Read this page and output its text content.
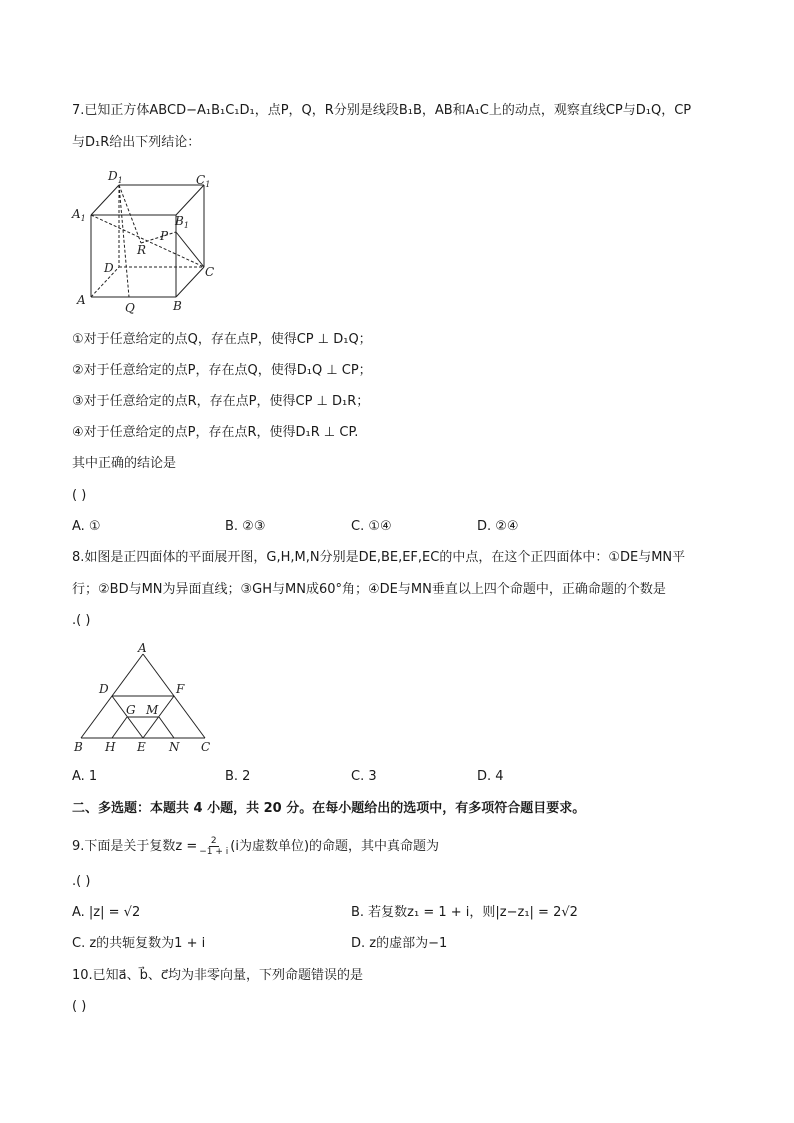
7.已知正方体ABCD−A₁B₁C₁D₁，点P，Q，R分别是线段B₁B，AB和A₁C上的动点，观察直线CP与D₁Q，CP
与D₁R给出下列结论：
$D_1$	$C_1$
$A_1$	$B_1$
P
R
D	C
A
Q	B
①对于任意给定的点Q，存在点P，使得CP ⊥ D₁Q；
②对于任意给定的点P，存在点Q，使得D₁Q ⊥ CP；
③对于任意给定的点R，存在点P，使得CP ⊥ D₁R；
④对于任意给定的点P，存在点R，使得D₁R ⊥ CP.
其中正确的结论是
( )
A. ①	B. ②③	C. ①④	D. ②④
8.如图是正四面体的平面展开图，G,H,M,N分别是DE,BE,EF,EC的中点，在这个正四面体中：①DE与MN平
行；②BD与MN为异面直线；③GH与MN成60°角；④DE与MN垂直以上四个命题中，正确命题的个数是
.( )
A
D	F
G M
B H E N C
A. 1	B. 2	C. 3	D. 4
二、多选题：本题共 4 小题，共 20 分。在每小题给出的选项中，有多项符合题目要求。
9.下面是关于复数$z = \frac{2}{-1 + i} (i$为虚数单位)的命题，其中真命题为
.( )
A. |z| = √2	B. 若复数z₁ = 1 + i，则|z−z₁| = 2√2
C. z的共轭复数为1 + i	D. z的虚部为−1
10.已知a⃗、b⃗、c⃗均为非零向量，下列命题错误的是
( )
